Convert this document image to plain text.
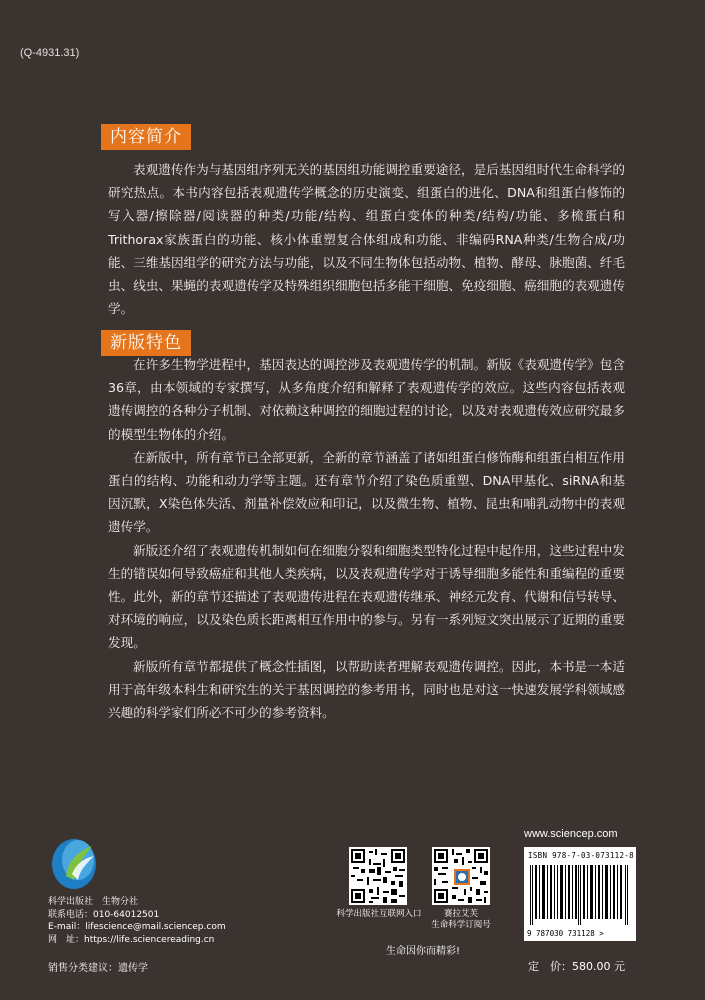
(Q-4931.31)
内容简介

表观遗传作为与基因组序列无关的基因组功能调控重要途径，是后基因组时代生命科学的研究热点。本书内容包括表观遗传学概念的历史演变、组蛋白的进化、DNA和组蛋白修饰的写入器/擦除器/阅读器的种类/功能/结构、组蛋白变体的种类/结构/功能、多梳蛋白和Trithorax家族蛋白的功能、核小体重塑复合体组成和功能、非编码RNA种类/生物合成/功能、三维基因组学的研究方法与功能，以及不同生物体包括动物、植物、酵母、脉胞菌、纤毛虫、线虫、果蝇的表观遗传学及特殊组织细胞包括多能干细胞、免疫细胞、癌细胞的表观遗传学。

新版特色

在许多生物学进程中，基因表达的调控涉及表观遗传学的机制。新版《表观遗传学》包含36章，由本领域的专家撰写，从多角度介绍和解释了表观遗传学的效应。这些内容包括表观遗传调控的各种分子机制、对依赖这种调控的细胞过程的讨论，以及对表观遗传效应研究最多的模型生物体的介绍。

在新版中，所有章节已全部更新，全新的章节涵盖了诸如组蛋白修饰酶和组蛋白相互作用蛋白的结构、功能和动力学等主题。还有章节介绍了染色质重塑、DNA甲基化、siRNA和基因沉默，X染色体失活、剂量补偿效应和印记，以及微生物、植物、昆虫和哺乳动物中的表观遗传学。

新版还介绍了表观遗传机制如何在细胞分裂和细胞类型特化过程中起作用，这些过程中发生的错误如何导致癌症和其他人类疾病，以及表观遗传学对于诱导细胞多能性和重编程的重要性。此外，新的章节还描述了表观遗传进程在表观遗传继承、神经元发育、代谢和信号转导、对环境的响应，以及染色质长距离相互作用中的参与。另有一系列短文突出展示了近期的重要发现。

新版所有章节都提供了概念性插图，以帮助读者理解表观遗传调控。因此，本书是一本适用于高年级本科生和研究生的关于基因调控的参考用书，同时也是对这一快速发展学科领域感兴趣的科学家们所必不可少的参考资料。

科学出版社　生物分社
联系电话：010-64012501
E-mail：lifescience@mail.sciencep.com
网　址：https://life.sciencereading.cn
销售分类建议：遗传学
科学出版社互联网入口	赛拉艾芙
生命科学订阅号
生命因你而精彩!
www.sciencep.com
ISBN 978-7-03-073112-8
9 787030 731128 >
定　价：580.00 元
